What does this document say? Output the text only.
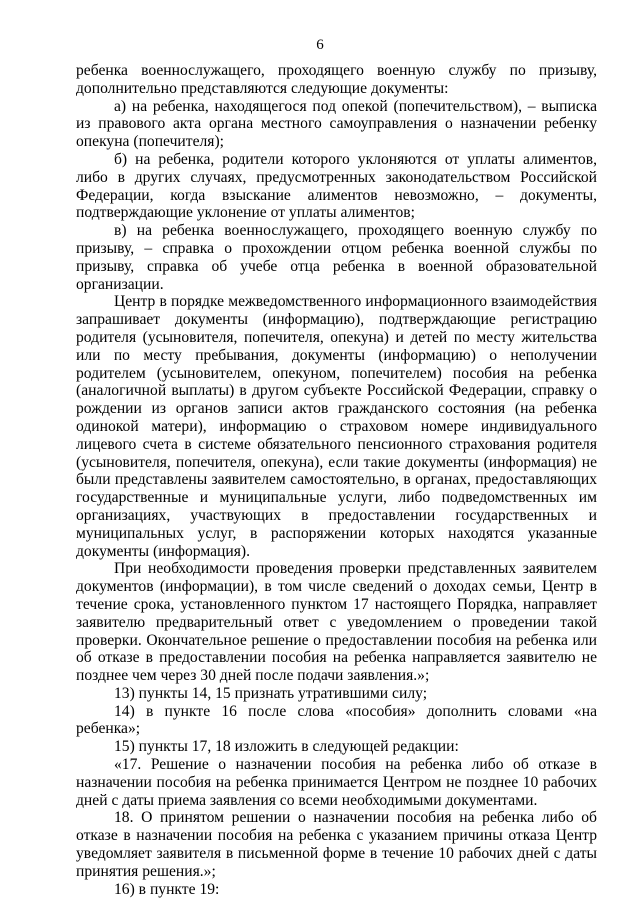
6

ребенка военнослужащего, проходящего военную службу по призыву, дополнительно представляются следующие документы:

а) на ребенка, находящегося под опекой (попечительством), – выписка из правового акта органа местного самоуправления о назначении ребенку опекуна (попечителя);

б) на ребенка, родители которого уклоняются от уплаты алиментов, либо в других случаях, предусмотренных законодательством Российской Федерации, когда взыскание алиментов невозможно, – документы, подтверждающие уклонение от уплаты алиментов;

в) на ребенка военнослужащего, проходящего военную службу по призыву, – справка о прохождении отцом ребенка военной службы по призыву, справка об учебе отца ребенка в военной образовательной организации.

Центр в порядке межведомственного информационного взаимодействия запрашивает документы (информацию), подтверждающие регистрацию родителя (усыновителя, попечителя, опекуна) и детей по месту жительства или по месту пребывания, документы (информацию) о неполучении родителем (усыновителем, опекуном, попечителем) пособия на ребенка (аналогичной выплаты) в другом субъекте Российской Федерации, справку о рождении из органов записи актов гражданского состояния (на ребенка одинокой матери), информацию о страховом номере индивидуального лицевого счета в системе обязательного пенсионного страхования родителя (усыновителя, попечителя, опекуна), если такие документы (информация) не были представлены заявителем самостоятельно, в органах, предоставляющих государственные и муниципальные услуги, либо подведомственных им организациях, участвующих в предоставлении государственных и муниципальных услуг, в распоряжении которых находятся указанные документы (информация).

При необходимости проведения проверки представленных заявителем документов (информации), в том числе сведений о доходах семьи, Центр в течение срока, установленного пунктом 17 настоящего Порядка, направляет заявителю предварительный ответ с уведомлением о проведении такой проверки. Окончательное решение о предоставлении пособия на ребенка или об отказе в предоставлении пособия на ребенка направляется заявителю не позднее чем через 30 дней после подачи заявления.»;

13) пункты 14, 15 признать утратившими силу;

14) в пункте 16 после слова «пособия» дополнить словами «на ребенка»;

15) пункты 17, 18 изложить в следующей редакции:

«17. Решение о назначении пособия на ребенка либо об отказе в назначении пособия на ребенка принимается Центром не позднее 10 рабочих дней с даты приема заявления со всеми необходимыми документами.

18. О принятом решении о назначении пособия на ребенка либо об отказе в назначении пособия на ребенка с указанием причины отказа Центр уведомляет заявителя в письменной форме в течение 10 рабочих дней с даты принятия решения.»;

16) в пункте 19:
